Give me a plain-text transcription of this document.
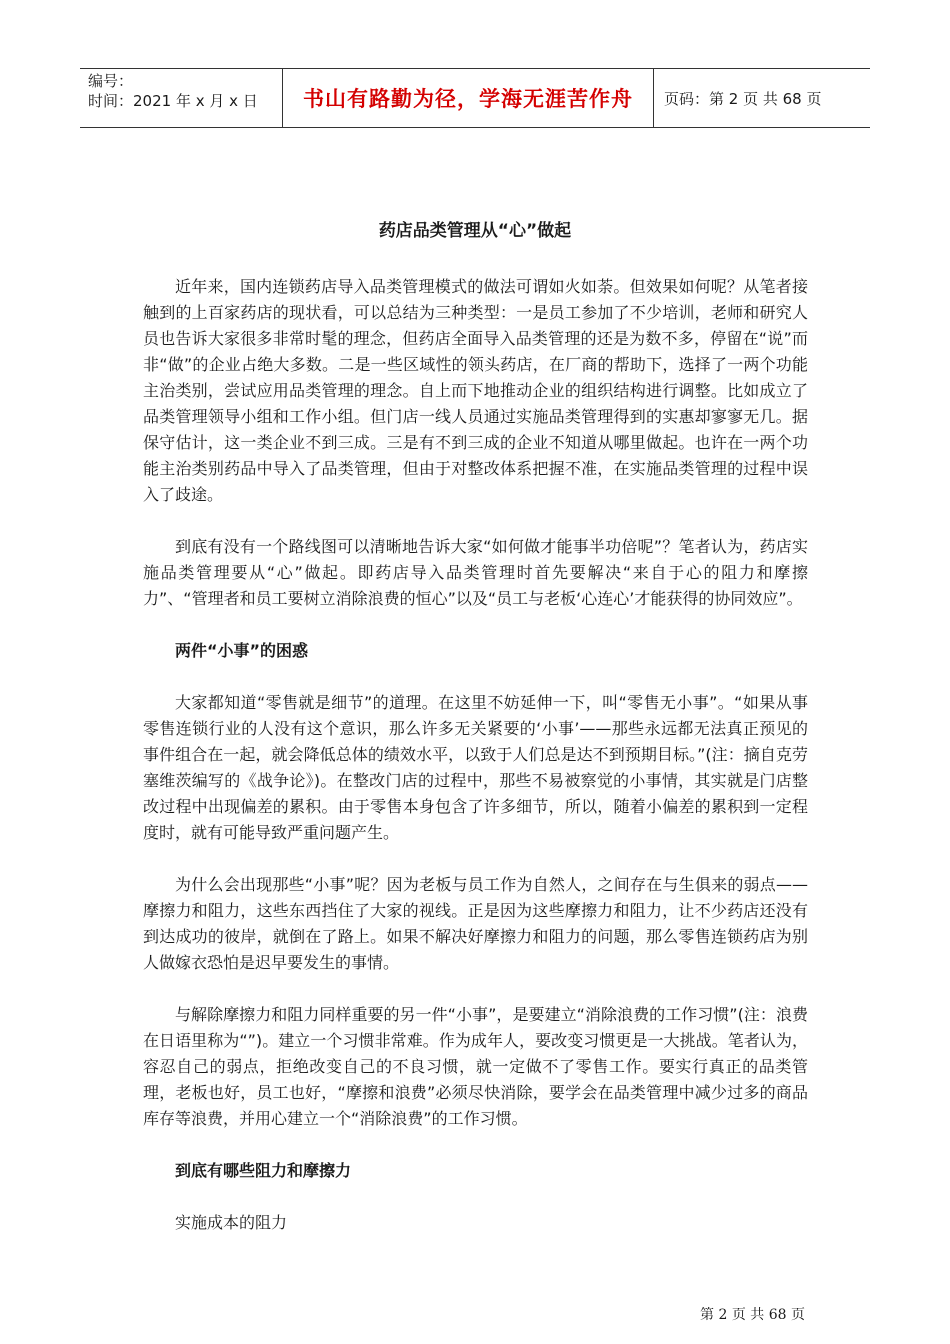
编号：
时间：2021 年 x 月 x 日	书山有路勤为径，学海无涯苦作舟	页码：第 2 页 共 68 页
药店品类管理从“心”做起

近年来，国内连锁药店导入品类管理模式的做法可谓如火如荼。但效果如何呢？从笔者接触到的上百家药店的现状看，可以总结为三种类型：一是员工参加了不少培训，老师和研究人员也告诉大家很多非常时髦的理念，但药店全面导入品类管理的还是为数不多，停留在“说”而非“做”的企业占绝大多数。二是一些区域性的领头药店，在厂商的帮助下，选择了一两个功能主治类别，尝试应用品类管理的理念。自上而下地推动企业的组织结构进行调整。比如成立了品类管理领导小组和工作小组。但门店一线人员通过实施品类管理得到的实惠却寥寥无几。据保守估计，这一类企业不到三成。三是有不到三成的企业不知道从哪里做起。也许在一两个功能主治类别药品中导入了品类管理，但由于对整改体系把握不准，在实施品类管理的过程中误入了歧途。

到底有没有一个路线图可以清晰地告诉大家“如何做才能事半功倍呢”？笔者认为，药店实施品类管理要从“心”做起。即药店导入品类管理时首先要解决“来自于心的阻力和摩擦力”、“管理者和员工要树立消除浪费的恒心”以及“员工与老板‘心连心’才能获得的协同效应”。

两件“小事”的困惑

大家都知道“零售就是细节”的道理。在这里不妨延伸一下，叫“零售无小事”。“如果从事零售连锁行业的人没有这个意识，那么许多无关紧要的‘小事’——那些永远都无法真正预见的事件组合在一起，就会降低总体的绩效水平，以致于人们总是达不到预期目标。”(注：摘自克劳塞维茨编写的《战争论》)。在整改门店的过程中，那些不易被察觉的小事情，其实就是门店整改过程中出现偏差的累积。由于零售本身包含了许多细节，所以，随着小偏差的累积到一定程度时，就有可能导致严重问题产生。

为什么会出现那些“小事”呢？因为老板与员工作为自然人，之间存在与生俱来的弱点——摩擦力和阻力，这些东西挡住了大家的视线。正是因为这些摩擦力和阻力，让不少药店还没有到达成功的彼岸，就倒在了路上。如果不解决好摩擦力和阻力的问题，那么零售连锁药店为别人做嫁衣恐怕是迟早要发生的事情。

与解除摩擦力和阻力同样重要的另一件“小事”，是要建立“消除浪费的工作习惯”(注：浪费在日语里称为“”)。建立一个习惯非常难。作为成年人，要改变习惯更是一大挑战。笔者认为，容忍自己的弱点，拒绝改变自己的不良习惯，就一定做不了零售工作。要实行真正的品类管理，老板也好，员工也好，“摩擦和浪费”必须尽快消除，要学会在品类管理中减少过多的商品库存等浪费，并用心建立一个“消除浪费”的工作习惯。

到底有哪些阻力和摩擦力

实施成本的阻力

第 2 页 共 68 页
